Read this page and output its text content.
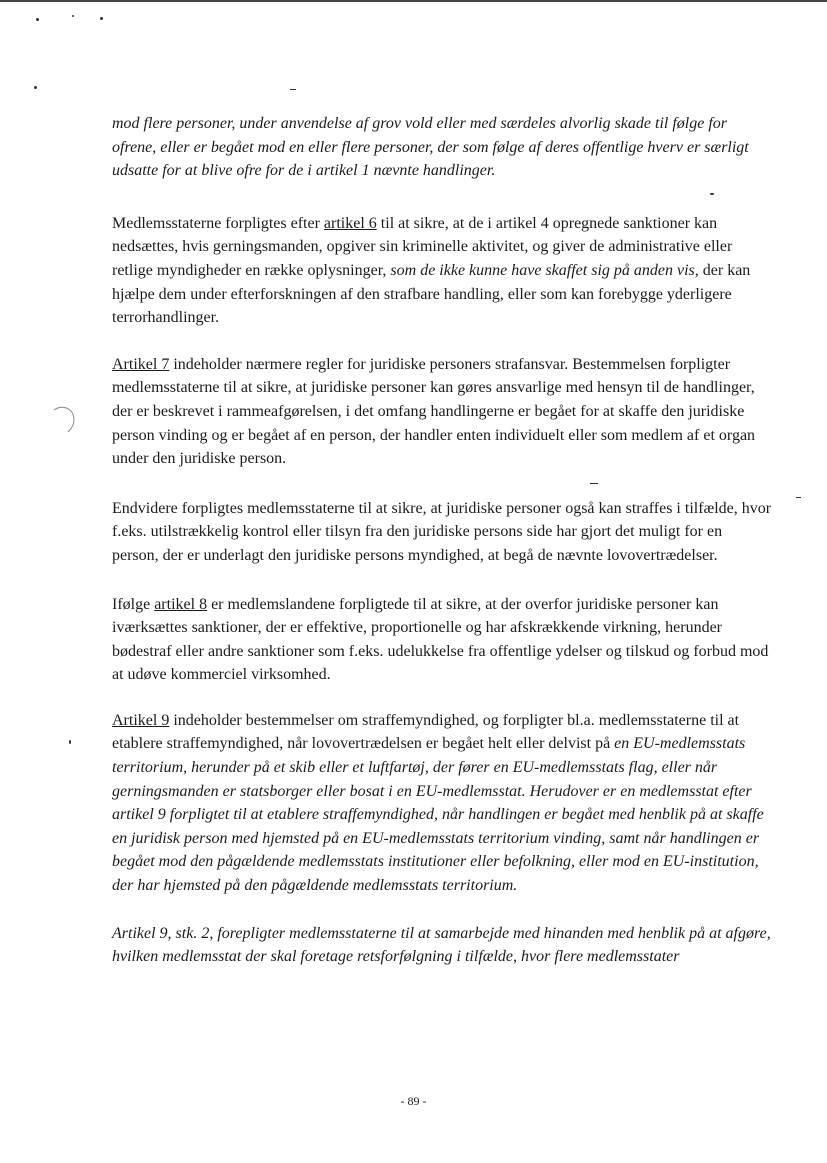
mod flere personer, under anvendelse af grov vold eller med særdeles alvorlig skade til følge for ofrene, eller er begået mod en eller flere personer, der som følge af deres offentlige hverv er særligt udsatte for at blive ofre for de i artikel 1 nævnte handlinger.

Medlemsstaterne forpligtes efter artikel 6 til at sikre, at de i artikel 4 opregnede sanktioner kan nedsættes, hvis gerningsmanden, opgiver sin kriminelle aktivitet, og giver de administrative eller retlige myndigheder en række oplysninger, som de ikke kunne have skaffet sig på anden vis, der kan hjælpe dem under efterforskningen af den strafbare handling, eller som kan forebygge yderligere terrorhandlinger.

Artikel 7 indeholder nærmere regler for juridiske personers strafansvar. Bestemmelsen forpligter medlemsstaterne til at sikre, at juridiske personer kan gøres ansvarlige med hensyn til de handlinger, der er beskrevet i rammeafgørelsen, i det omfang handlingerne er begået for at skaffe den juridiske person vinding og er begået af en person, der handler enten individuelt eller som medlem af et organ under den juridiske person.

Endvidere forpligtes medlemsstaterne til at sikre, at juridiske personer også kan straffes i tilfælde, hvor f.eks. utilstrækkelig kontrol eller tilsyn fra den juridiske persons side har gjort det muligt for en person, der er underlagt den juridiske persons myndighed, at begå de nævnte lovovertrædelser.

Ifølge artikel 8 er medlemslandene forpligtede til at sikre, at der overfor juridiske personer kan iværksættes sanktioner, der er effektive, proportionelle og har afskrækkende virkning, herunder bødestraf eller andre sanktioner som f.eks. udelukkelse fra offentlige ydelser og tilskud og forbud mod at udøve kommerciel virksomhed.

Artikel 9 indeholder bestemmelser om straffemyndighed, og forpligter bl.a. medlemsstaterne til at etablere straffemyndighed, når lovovertrædelsen er begået helt eller delvist på en EU-medlemsstats territorium, herunder på et skib eller et luftfartøj, der fører en EU-medlemsstats flag, eller når gerningsmanden er statsborger eller bosat i en EU-medlemsstat. Herudover er en medlemsstat efter artikel 9 forpligtet til at etablere straffemyndighed, når handlingen er begået med henblik på at skaffe en juridisk person med hjemsted på en EU-medlemsstats territorium vinding, samt når handlingen er begået mod den pågældende medlemsstats institutioner eller befolkning, eller mod en EU-institution, der har hjemsted på den pågældende medlemsstats territorium.

Artikel 9, stk. 2, forepligter medlemsstaterne til at samarbejde med hinanden med henblik på at afgøre, hvilken medlemsstat der skal foretage retsforfølgning i tilfælde, hvor flere medlemsstater

- 89 -
